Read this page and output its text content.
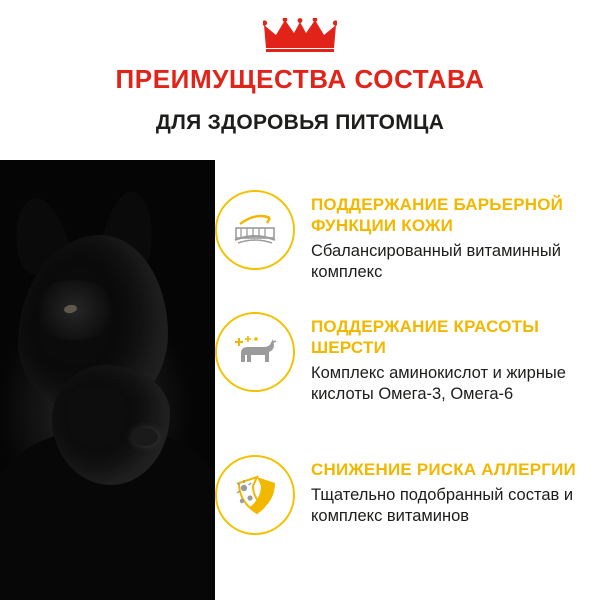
ПРЕИМУЩЕСТВА СОСТАВА
ДЛЯ ЗДОРОВЬЯ ПИТОМЦА

ПОДДЕРЖАНИЕ БАРЬЕРНОЙ ФУНКЦИИ КОЖИ

Сбалансированный витаминный комплекс

ПОДДЕРЖАНИЕ КРАСОТЫ ШЕРСТИ

Комплекс аминокислот и жирные кислоты Омега-3, Омега-6

СНИЖЕНИЕ РИСКА АЛЛЕРГИИ

Тщательно подобранный состав и комплекс витаминов
